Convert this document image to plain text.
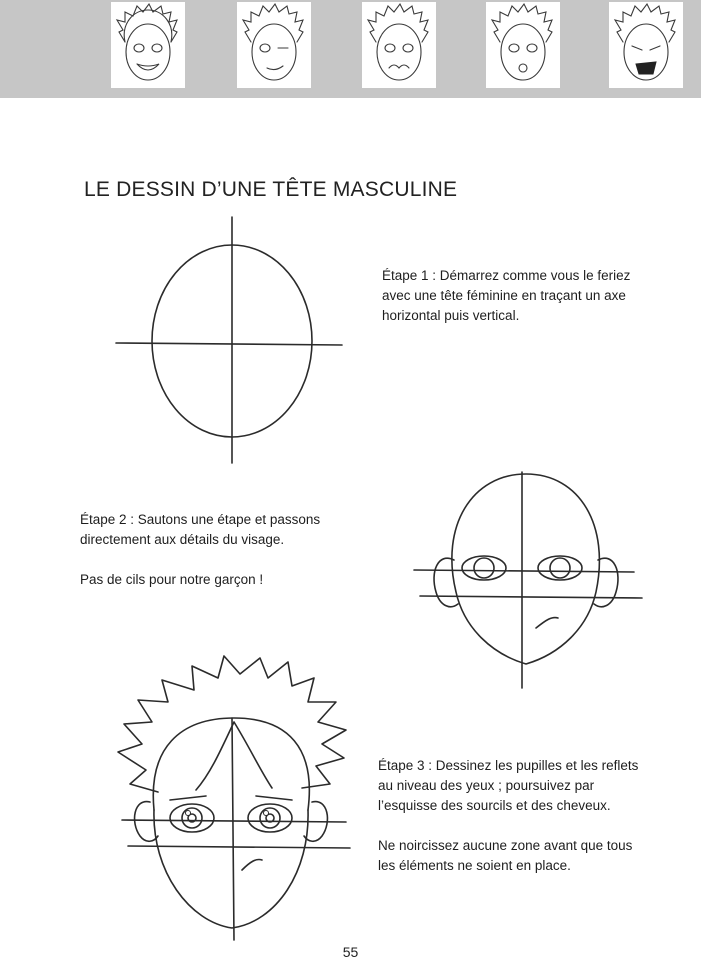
LE DESSIN D’UNE TÊTE MASCULINE

Étape 1 : Démarrez comme vous le feriez avec une tête féminine en traçant un axe horizontal puis vertical.

Étape 2 : Sautons une étape et passons directement aux détails du visage.

Pas de cils pour notre garçon !

Étape 3 : Dessinez les pupilles et les reflets au niveau des yeux ; poursuivez par l’esquisse des sourcils et des cheveux.

Ne noircissez aucune zone avant que tous les éléments ne soient en place.

55
